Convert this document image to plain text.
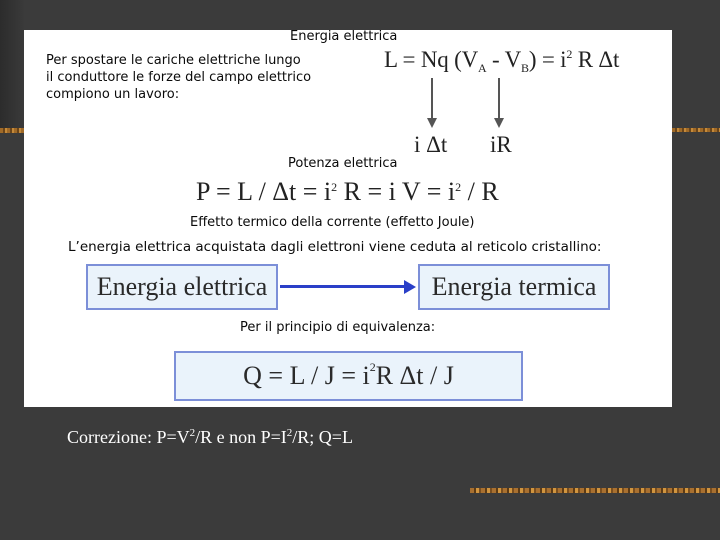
Energia elettrica
Per spostare le cariche elettriche lungo
il conduttore le forze del campo elettrico
compiono un lavoro:
L = Nq $(V_A - V_B) = i^2$ R Δt
i Δt iR
Potenza elettrica
$P = L / \Delta t = i^2$ R = i $V = i^2 / R$
Effetto termico della corrente (effetto Joule)
L’energia elettrica acquistata dagli elettroni viene ceduta al reticolo cristallino:
Energia elettrica	Energia termica
Per il principio di equivalenza:
Q = L / J = i 2 R Δt / J
Correzione: $P=V^2/R$ e non $P=I^2/R$; Q=L
